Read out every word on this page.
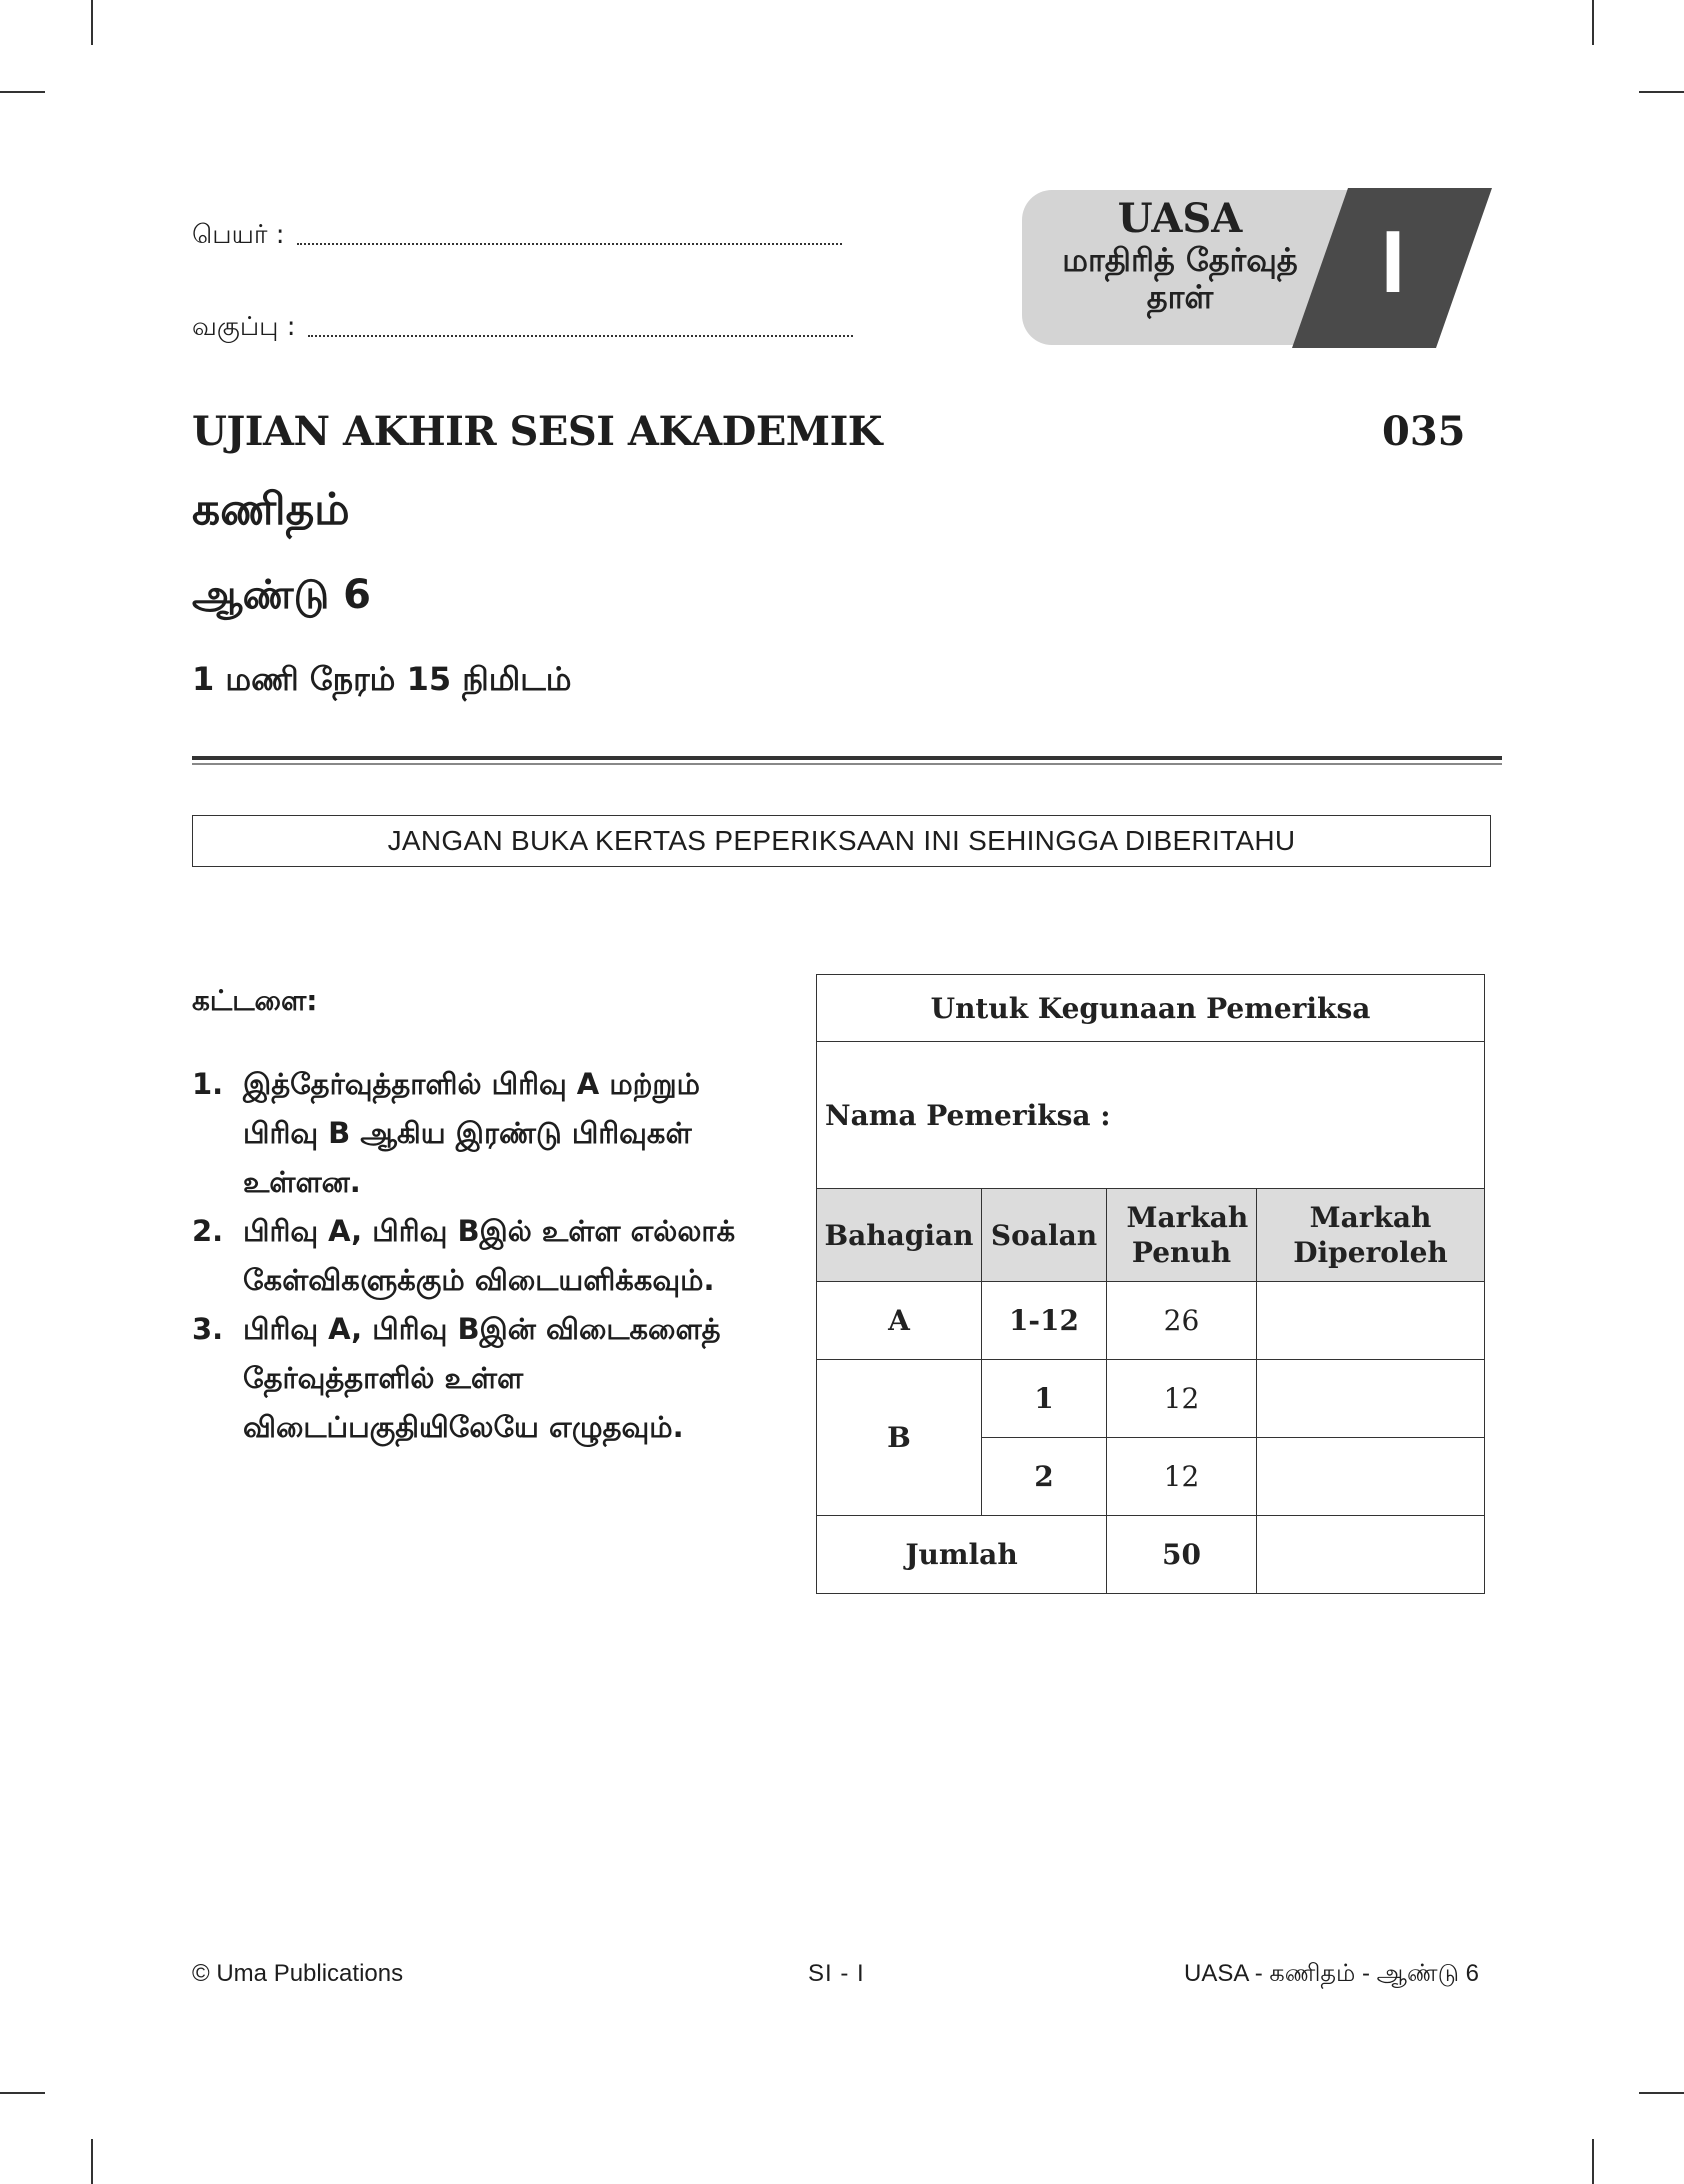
பெயர் :
வகுப்பு :
UASA
மாதிரித் தேர்வுத்
தாள்	I
UJIAN AKHIR SESI AKADEMIK	035
கணிதம்
ஆண்டு 6
1 மணி நேரம் 15 நிமிடம்
JANGAN BUKA KERTAS PEPERIKSAAN INI SEHINGGA DIBERITAHU
கட்டளை:
1. இத்தேர்வுத்தாளில் பிரிவு A மற்றும் பிரிவு B ஆகிய இரண்டு பிரிவுகள் உள்ளன.
2. பிரிவு A, பிரிவு Bஇல் உள்ள எல்லாக் கேள்விகளுக்கும் விடையளிக்கவும்.
3. பிரிவு A, பிரிவு Bஇன் விடைகளைத் தேர்வுத்தாளில் உள்ள விடைப்பகுதியிலேயே எழுதவும்.
Untuk Kegunaan Pemeriksa			
Nama Pemeriksa :			
Bahagian	Soalan	Markah Penuh	Markah Diperoleh
A	1-12	26	
B	1	12	
	2	12	
Jumlah		50	
© Uma Publications	SI - I	UASA - கணிதம் - ஆண்டு 6
